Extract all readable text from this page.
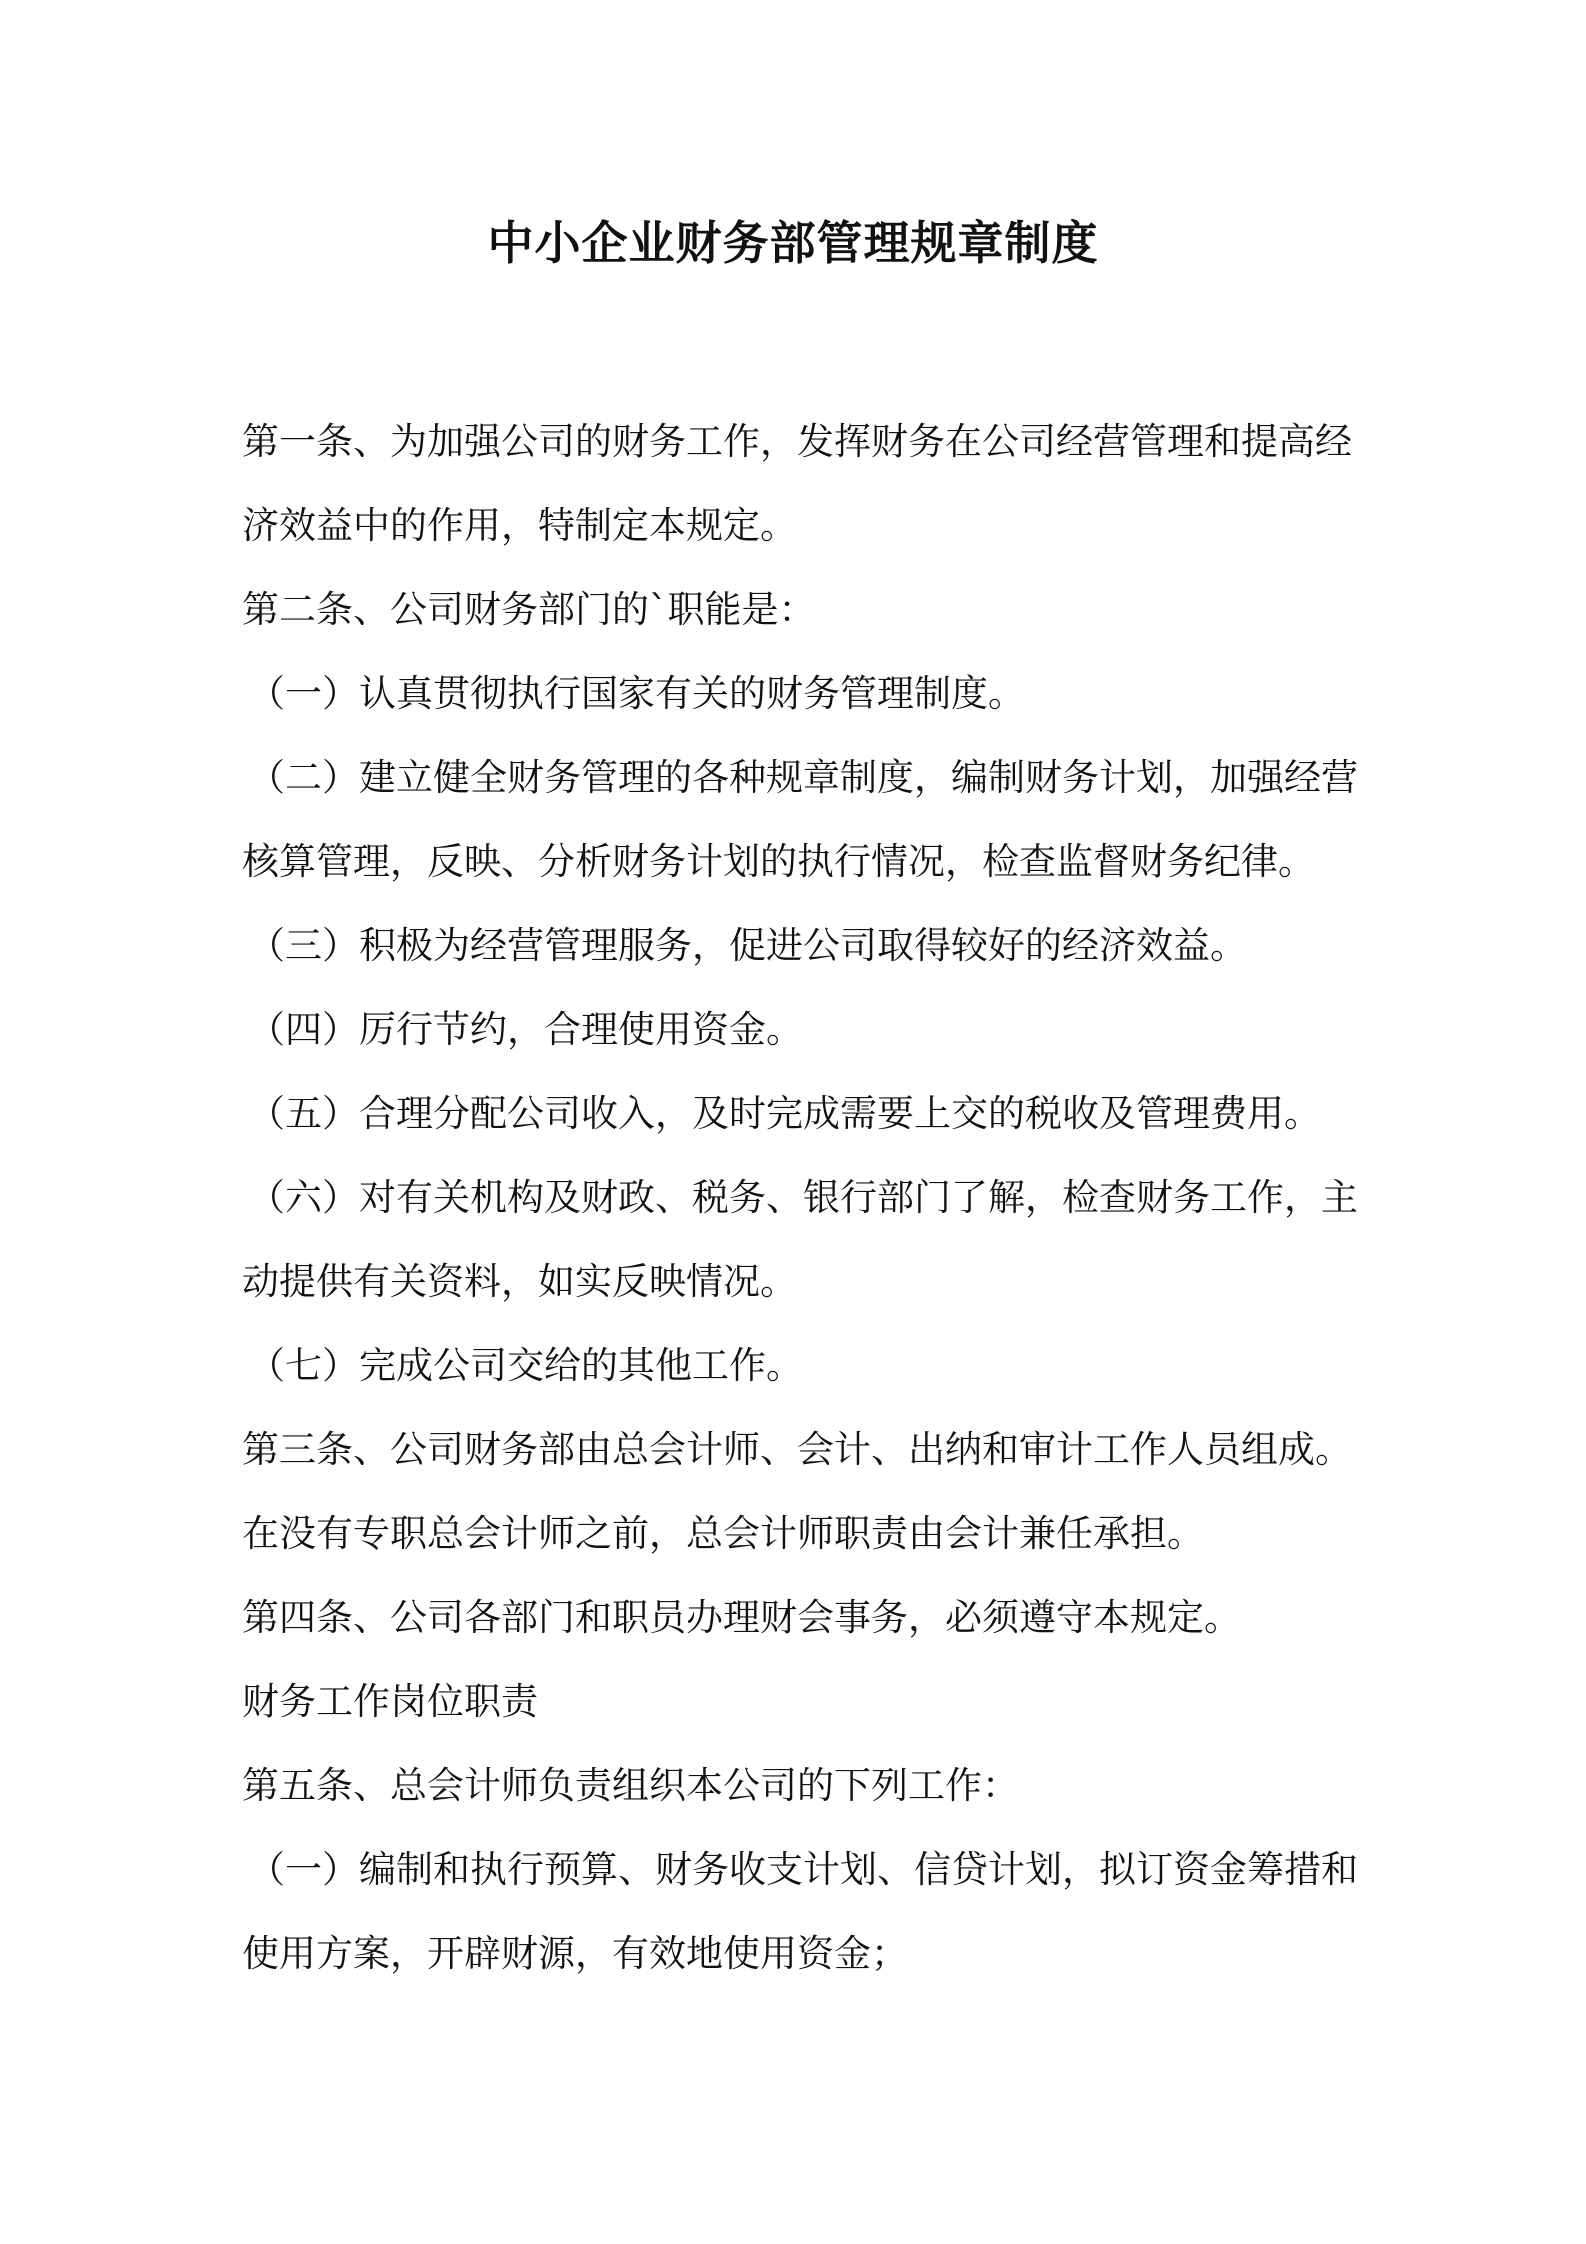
中小企业财务部管理规章制度
第一条、为加强公司的财务工作，发挥财务在公司经营管理和提高经
济效益中的作用，特制定本规定。
第二条、公司财务部门的`职能是：
（一）认真贯彻执行国家有关的财务管理制度。
（二）建立健全财务管理的各种规章制度，编制财务计划，加强经营
核算管理，反映、分析财务计划的执行情况，检查监督财务纪律。
（三）积极为经营管理服务，促进公司取得较好的经济效益。
（四）厉行节约，合理使用资金。
（五）合理分配公司收入，及时完成需要上交的税收及管理费用。
（六）对有关机构及财政、税务、银行部门了解，检查财务工作，主
动提供有关资料，如实反映情况。
（七）完成公司交给的其他工作。
第三条、公司财务部由总会计师、会计、出纳和审计工作人员组成。
在没有专职总会计师之前，总会计师职责由会计兼任承担。
第四条、公司各部门和职员办理财会事务，必须遵守本规定。
财务工作岗位职责
第五条、总会计师负责组织本公司的下列工作：
（一）编制和执行预算、财务收支计划、信贷计划，拟订资金筹措和
使用方案，开辟财源，有效地使用资金；
